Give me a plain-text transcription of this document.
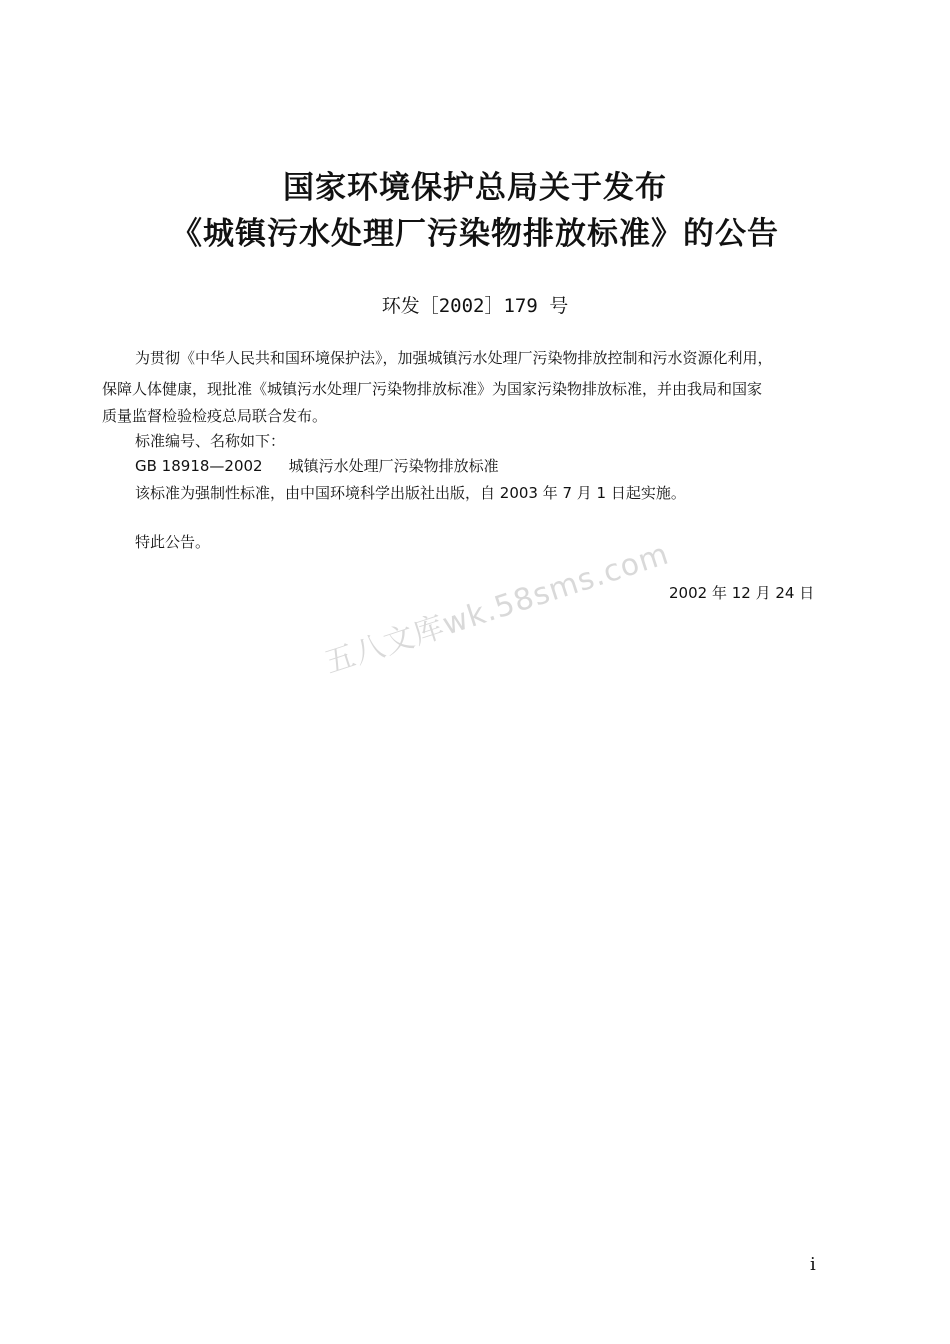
国家环境保护总局关于发布
《城镇污水处理厂污染物排放标准》的公告
环发［2002］179 号
为贯彻《中华人民共和国环境保护法》，加强城镇污水处理厂污染物排放控制和污水资源化利用，
保障人体健康，现批准《城镇污水处理厂污染物排放标准》为国家污染物排放标准，并由我局和国家
质量监督检验检疫总局联合发布。
标准编号、名称如下：
GB 18918—2002 城镇污水处理厂污染物排放标准
该标准为强制性标准，由中国环境科学出版社出版，自 2003 年 7 月 1 日起实施。
特此公告。
2002 年 12 月 24 日
五八文库wk.58sms.com
i
